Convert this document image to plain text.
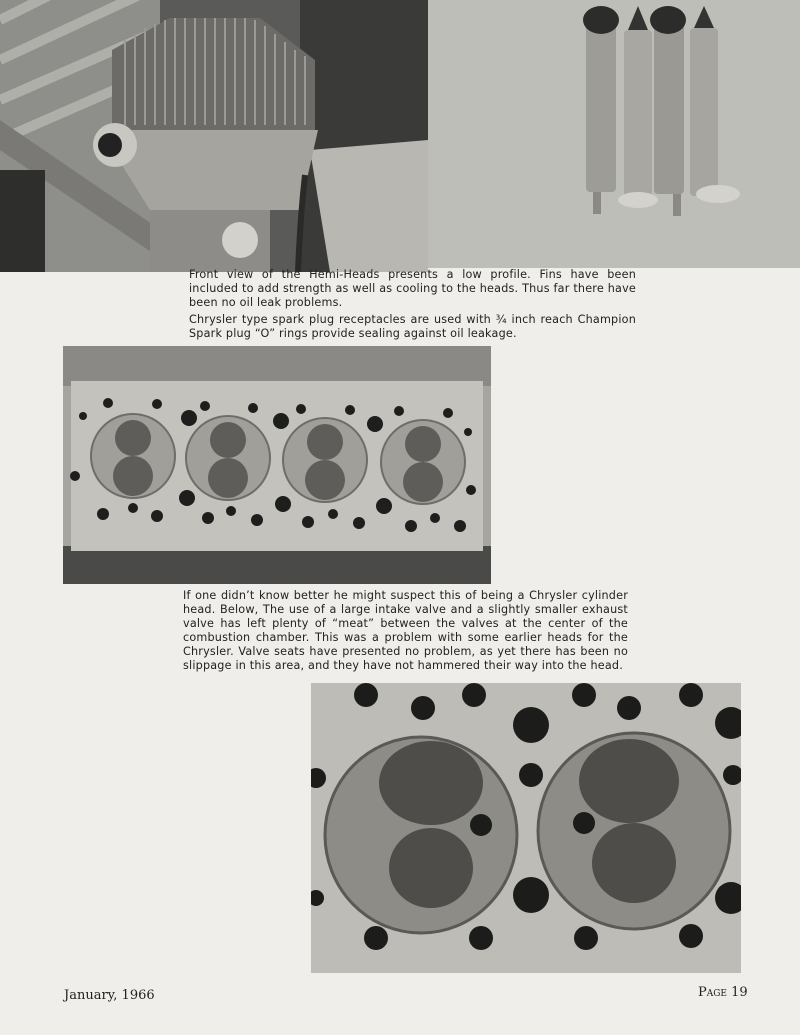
Front view of the Hemi-Heads presents a low profile. Fins have been included to add strength as well as cooling to the heads. Thus far there have been no oil leak problems.

Chrysler type spark plug receptacles are used with ¾ inch reach Champion Spark plug “O” rings provide sealing against oil leakage.

If one didn’t know better he might suspect this of being a Chrysler cylinder head. Below, The use of a large intake valve and a slightly smaller exhaust valve has left plenty of “meat” between the valves at the center of the combustion chamber. This was a problem with some earlier heads for the Chrysler. Valve seats have presented no problem, as yet there has been no slippage in this area, and they have not hammered their way into the head.
January, 1966	Page 19
